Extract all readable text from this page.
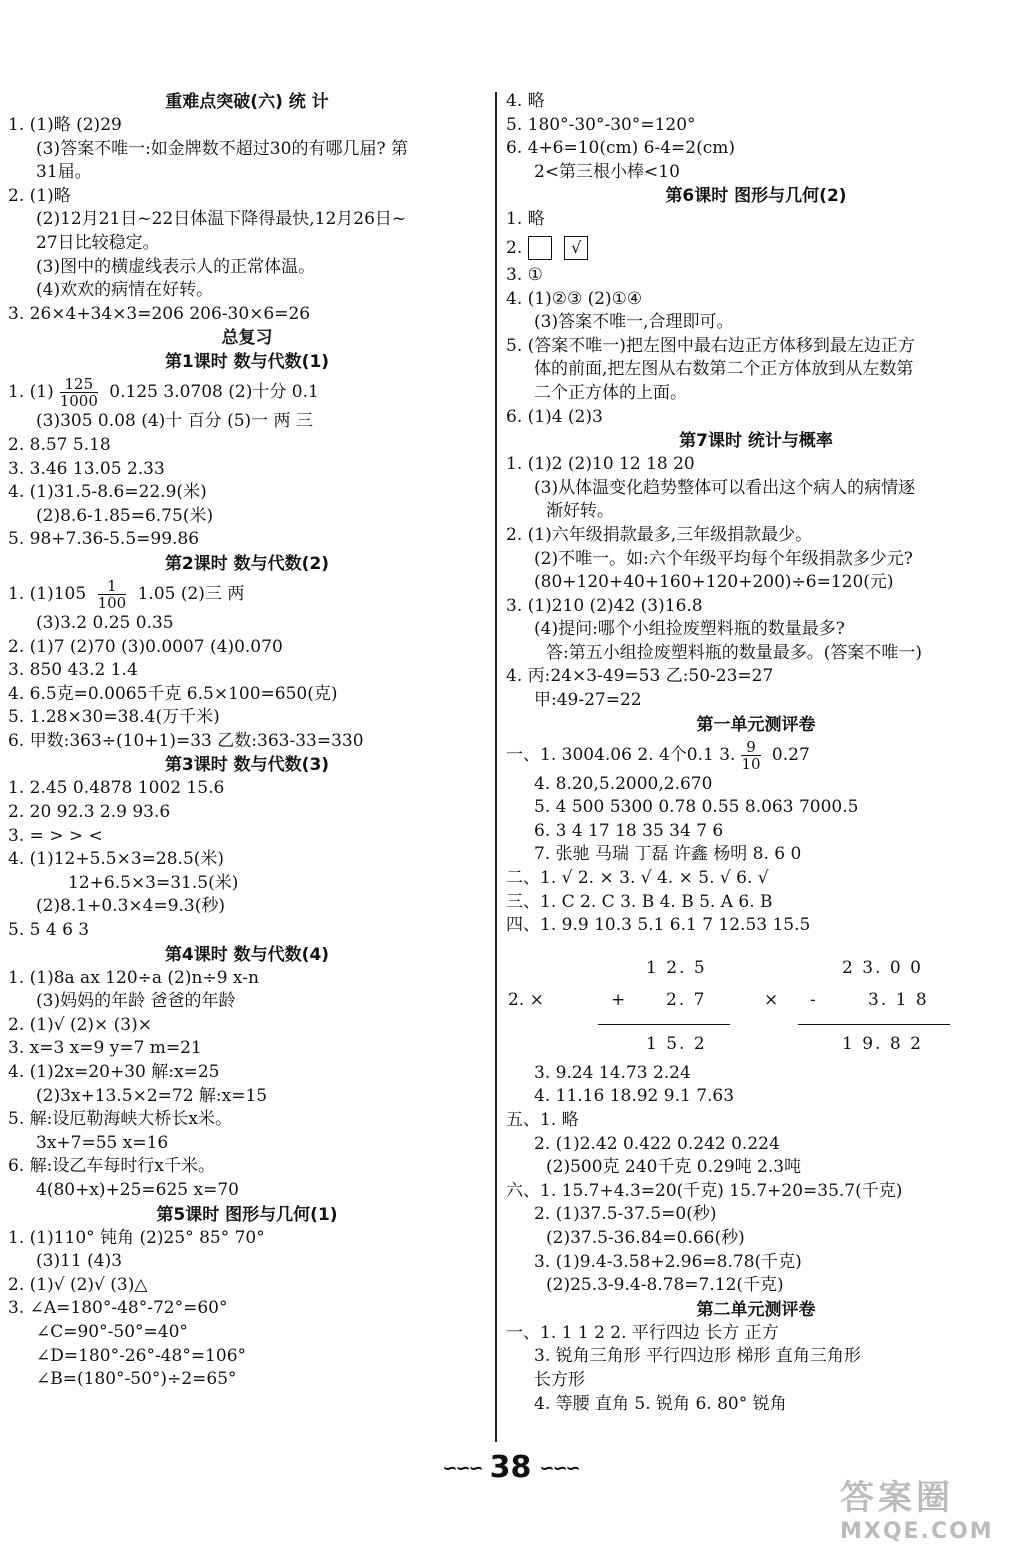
重难点突破(六) 统 计
1. (1)略 (2)29
(3)答案不唯一:如金牌数不超过30的有哪几届? 第
31届。
2. (1)略
(2)12月21日~22日体温下降得最快,12月26日~
27日比较稳定。
(3)图中的横虚线表示人的正常体温。
(4)欢欢的病情在好转。
3. 26×4+34×3=206 206-30×6=26
总复习
第1课时 数与代数(1)
1. $(1) \frac{125}{1000} 0.125$ 3.0708 (2)十分 0.1
(3)305 0.08 (4)十 百分 (5)一 两 三
2. 8.57 5.18
3. 3.46 13.05 2.33
4. (1)31.5-8.6=22.9(米)
(2)8.6-1.85=6.75(米)
5. 98+7.36-5.5=99.86
第2课时 数与代数(2)
1. $(1)105 \frac{1}{100} 1.05$ (2)三 两
(3)3.2 0.25 0.35
2. (1)7 (2)70 (3)0.0007 (4)0.070
3. 850 43.2 1.4
4. 6.5克=0.0065千克 6.5×100=650(克)
5. 1.28×30=38.4(万千米)
6. 甲数:363÷(10+1)=33 乙数:363-33=330
第3课时 数与代数(3)
1. 2.45 0.4878 1002 15.6
2. 20 92.3 2.9 93.6
3. = > > <
4. (1)12+5.5×3=28.5(米)
12+6.5×3=31.5(米)
(2)8.1+0.3×4=9.3(秒)
5. 5 4 6 3
第4课时 数与代数(4)
1. (1)8a ax 120÷a (2)n÷9 x-n
(3)妈妈的年龄 爸爸的年龄
2. (1)√ (2)× (3)×
3. x=3 x=9 y=7 m=21
4. (1)2x=20+30 解:x=25
(2)3x+13.5×2=72 解:x=15
5. 解:设厄勒海峡大桥长x米。
3x+7=55 x=16
6. 解:设乙车每时行x千米。
4(80+x)+25=625 x=70
第5课时 图形与几何(1)
1. (1)110° 钝角 (2)25° 85° 70°
(3)11 (4)3
2. (1)√ (2)√ (3)△
3. ∠A=180°-48°-72°=60°
∠C=90°-50°=40°
∠D=180°-26°-48°=106°
∠B=(180°-50°)÷2=65°
4. 略
5. 180°-30°-30°=120°
6. 4+6=10(cm) 6-4=2(cm)
2<第三根小棒<10
第6课时 图形与几何(2)
1. 略
2.	√
3. ①
4. (1)②③ (2)①④
(3)答案不唯一,合理即可。
5. (答案不唯一)把左图中最右边正方体移到最左边正方
体的前面,把左图从右数第二个正方体放到从左数第
二个正方体的上面。
6. (1)4 (2)3
第7课时 统计与概率
1. (1)2 (2)10 12 18 20
(3)从体温变化趋势整体可以看出这个病人的病情逐
渐好转。
2. (1)六年级捐款最多,三年级捐款最少。
(2)不唯一。如:六个年级平均每个年级捐款多少元?
(80+120+40+160+120+200)÷6=120(元)
3. (1)210 (2)42 (3)16.8
(4)提问:哪个小组捡废塑料瓶的数量最多?
答:第五小组捡废塑料瓶的数量最多。(答案不唯一)
4. 丙:24×3-49=53 乙:50-23=27
甲:49-27=22
第一单元测评卷
一、1. 3004.06 2. 4个0.1 3. $\frac{9}{10} 0.27$
4. 8.20,5.2000,2.670
5. 4 500 5300 0.78 0.55 8.063 7000.5
6. 3 4 17 18 35 34 7 6
7. 张驰 马瑞 丁磊 许鑫 杨明 8. 6 0
二、1. √ 2. × 3. √ 4. × 5. √ 6. √
三、1. C 2. C 3. B 4. B 5. A 6. B
四、1. 9.9 10.3 5.1 6.1 7 12.53 15.5
2. ×
1 2. 5
+ 2. 7
1 5. 2
×
2 3. 0 0
-	3. 1 8
1 9. 8 2
3. 9.24 14.73 2.24
4. 11.16 18.92 9.1 7.63
五、1. 略
2. (1)2.42 0.422 0.242 0.224
(2)500克 240千克 0.29吨 2.3吨
六、1. 15.7+4.3=20(千克) 15.7+20=35.7(千克)
2. (1)37.5-37.5=0(秒)
(2)37.5-36.84=0.66(秒)
3. (1)9.4-3.58+2.96=8.78(千克)
(2)25.3-9.4-8.78=7.12(千克)
第二单元测评卷
一、1. 1 1 2 2. 平行四边 长方 正方
3. 锐角三角形 平行四边形 梯形 直角三角形
长方形
4. 等腰 直角 5. 锐角 6. 80° 锐角
∽∽∽ 38 ∽∽∽
答案圈
MXQE.COM
